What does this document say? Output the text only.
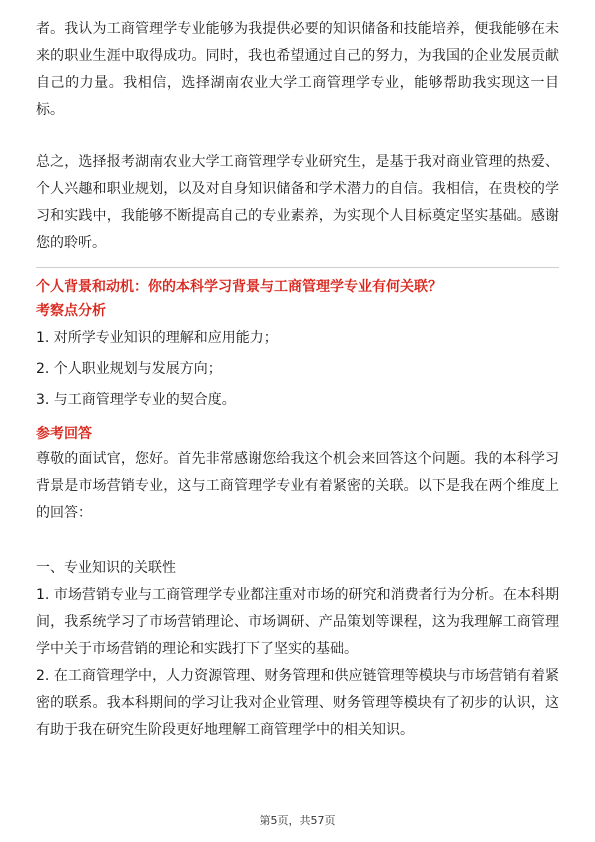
者。我认为工商管理学专业能够为我提供必要的知识储备和技能培养，便我能够在未来的职业生涯中取得成功。同时，我也希望通过自己的努力，为我国的企业发展贡献自己的力量。我相信，选择湖南农业大学工商管理学专业，能够帮助我实现这一目标。

总之，选择报考湖南农业大学工商管理学专业研究生，是基于我对商业管理的热爱、个人兴趣和职业规划，以及对自身知识储备和学术潜力的自信。我相信，在贵校的学习和实践中，我能够不断提高自己的专业素养，为实现个人目标奠定坚实基础。感谢您的聆听。

个人背景和动机：你的本科学习背景与工商管理学专业有何关联？
考察点分析
1. 对所学专业知识的理解和应用能力；
2. 个人职业规划与发展方向；
3. 与工商管理学专业的契合度。
参考回答

尊敬的面试官，您好。首先非常感谢您给我这个机会来回答这个问题。我的本科学习背景是市场营销专业，这与工商管理学专业有着紧密的关联。以下是我在两个维度上的回答：

一、专业知识的关联性

1. 市场营销专业与工商管理学专业都注重对市场的研究和消费者行为分析。在本科期间，我系统学习了市场营销理论、市场调研、产品策划等课程，这为我理解工商管理学中关于市场营销的理论和实践打下了坚实的基础。

2. 在工商管理学中，人力资源管理、财务管理和供应链管理等模块与市场营销有着紧密的联系。我本科期间的学习让我对企业管理、财务管理等模块有了初步的认识，这有助于我在研究生阶段更好地理解工商管理学中的相关知识。

第5页，共57页
